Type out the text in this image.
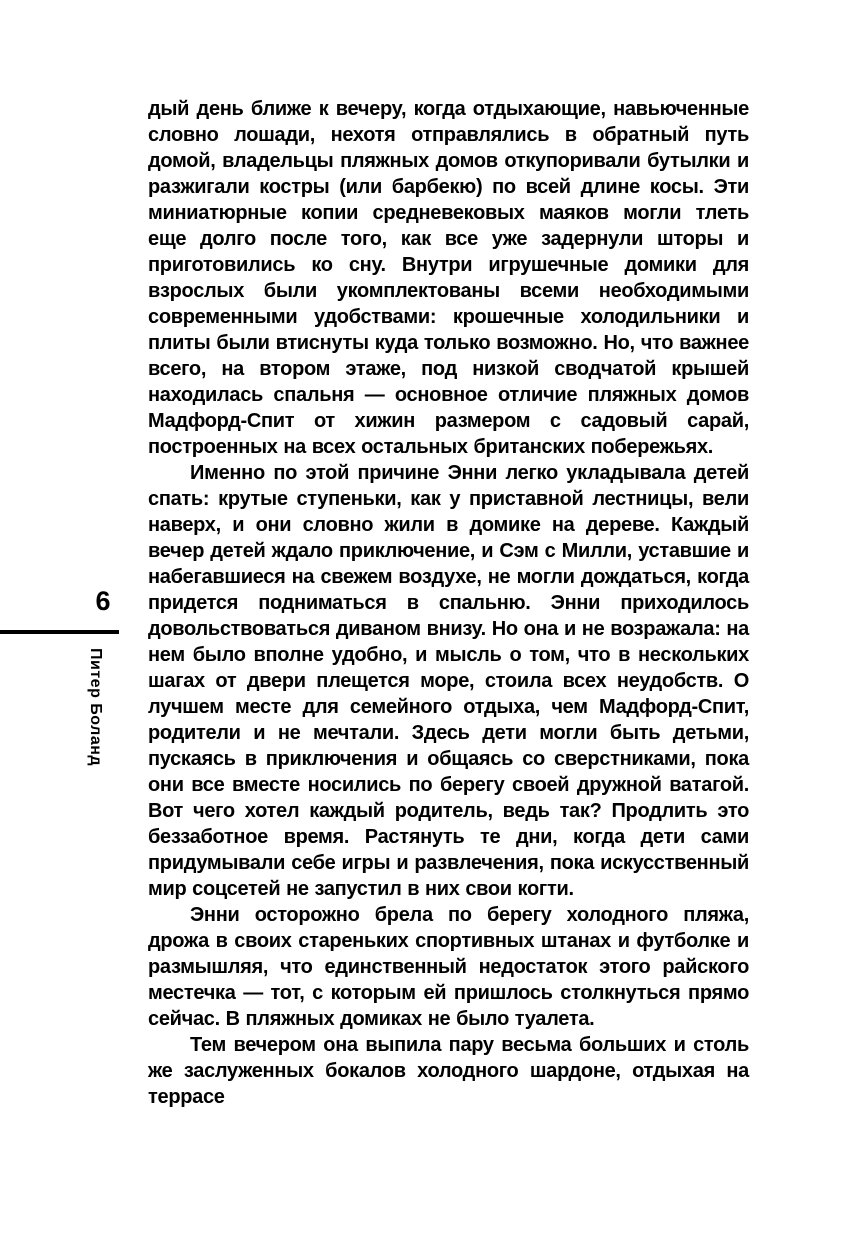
6
Питер Боланд

дый день ближе к вечеру, когда отдыхающие, навьюченные словно лошади, нехотя отправлялись в обратный путь домой, владельцы пляжных домов откупоривали бутылки и разжигали костры (или барбекю) по всей длине косы. Эти миниатюрные копии средневековых маяков могли тлеть еще долго после того, как все уже задернули шторы и приготовились ко сну. Внутри игрушечные домики для взрослых были укомплектованы всеми необходимыми современными удобствами: крошечные холодильники и плиты были втиснуты куда только возможно. Но, что важнее всего, на втором этаже, под низкой сводчатой крышей находилась спальня — основное отличие пляжных домов Мадфорд-Спит от хижин размером с садовый сарай, построенных на всех остальных британских побережьях.

Именно по этой причине Энни легко укладывала детей спать: крутые ступеньки, как у приставной лестницы, вели наверх, и они словно жили в домике на дереве. Каждый вечер детей ждало приключение, и Сэм с Милли, уставшие и набегавшиеся на свежем воздухе, не могли дождаться, когда придется подниматься в спальню. Энни приходилось довольствоваться диваном внизу. Но она и не возражала: на нем было вполне удобно, и мысль о том, что в нескольких шагах от двери плещется море, стоила всех неудобств. О лучшем месте для семейного отдыха, чем Мадфорд-Спит, родители и не мечтали. Здесь дети могли быть детьми, пускаясь в приключения и общаясь со сверстниками, пока они все вместе носились по берегу своей дружной ватагой. Вот чего хотел каждый родитель, ведь так? Продлить это беззаботное время. Растянуть те дни, когда дети сами придумывали себе игры и развлечения, пока искусственный мир соцсетей не запустил в них свои когти.

Энни осторожно брела по берегу холодного пляжа, дрожа в своих стареньких спортивных штанах и футболке и размышляя, что единственный недостаток этого райского местечка — тот, с которым ей пришлось столкнуться прямо сейчас. В пляжных домиках не было туалета.

Тем вечером она выпила пару весьма больших и столь же заслуженных бокалов холодного шардоне, отдыхая на террасе
